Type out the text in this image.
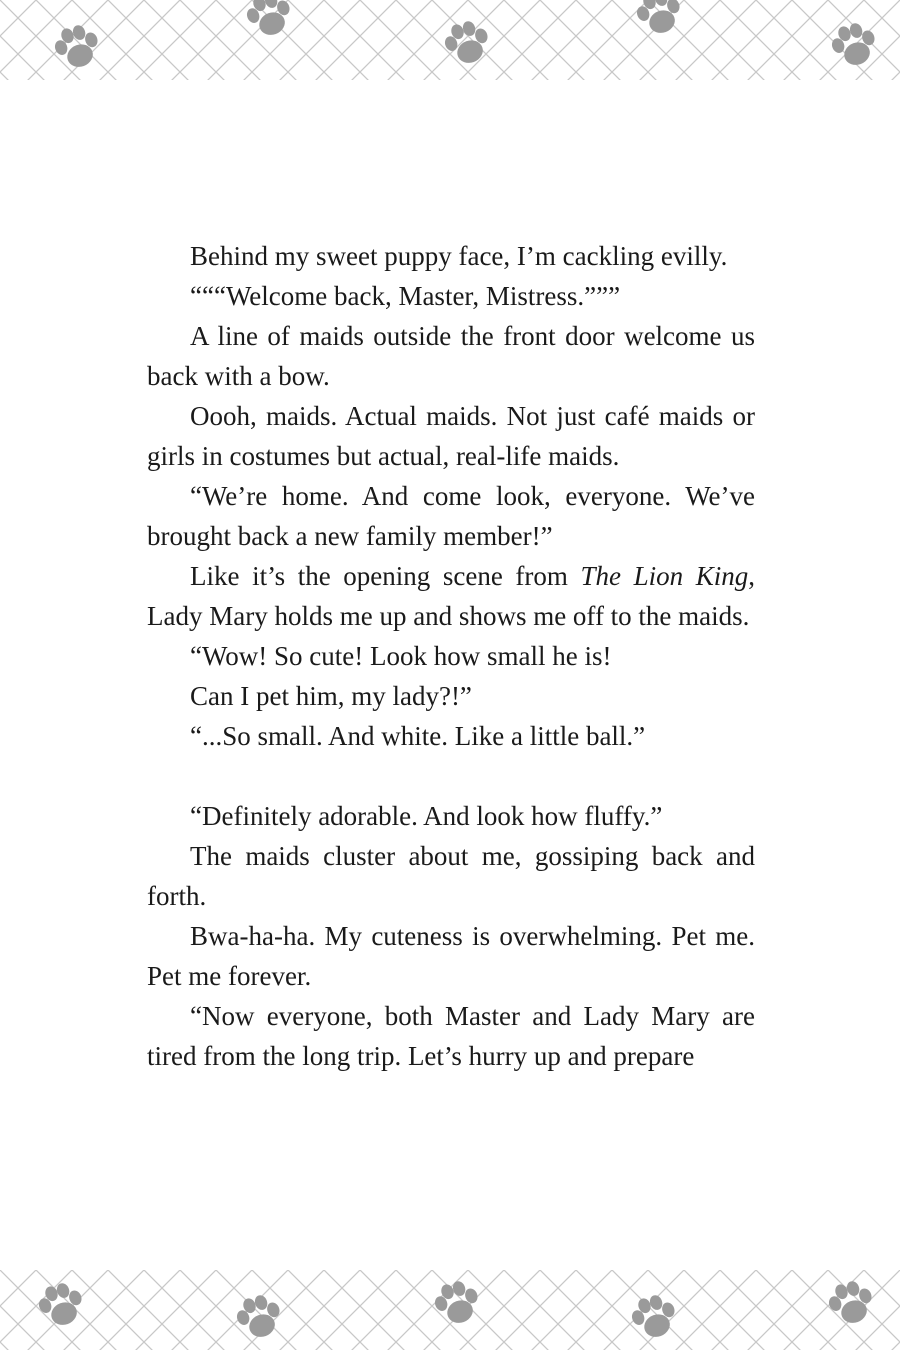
Behind my sweet puppy face, I’m cackling evilly.

“““Welcome back, Master, Mistress.”””

A line of maids outside the front door welcome us back with a bow.

Oooh, maids. Actual maids. Not just café maids or girls in costumes but actual, real-life maids.

“We’re home. And come look, everyone. We’ve brought back a new family member!”

Like it’s the opening scene from The Lion King, Lady Mary holds me up and shows me off to the maids.

“Wow! So cute! Look how small he is!

Can I pet him, my lady?!”

“...So small. And white. Like a little ball.”

“Definitely adorable. And look how fluffy.”

The maids cluster about me, gossiping back and forth.

Bwa-ha-ha. My cuteness is overwhelming. Pet me. Pet me forever.

“Now everyone, both Master and Lady Mary are tired from the long trip. Let’s hurry up and prepare
